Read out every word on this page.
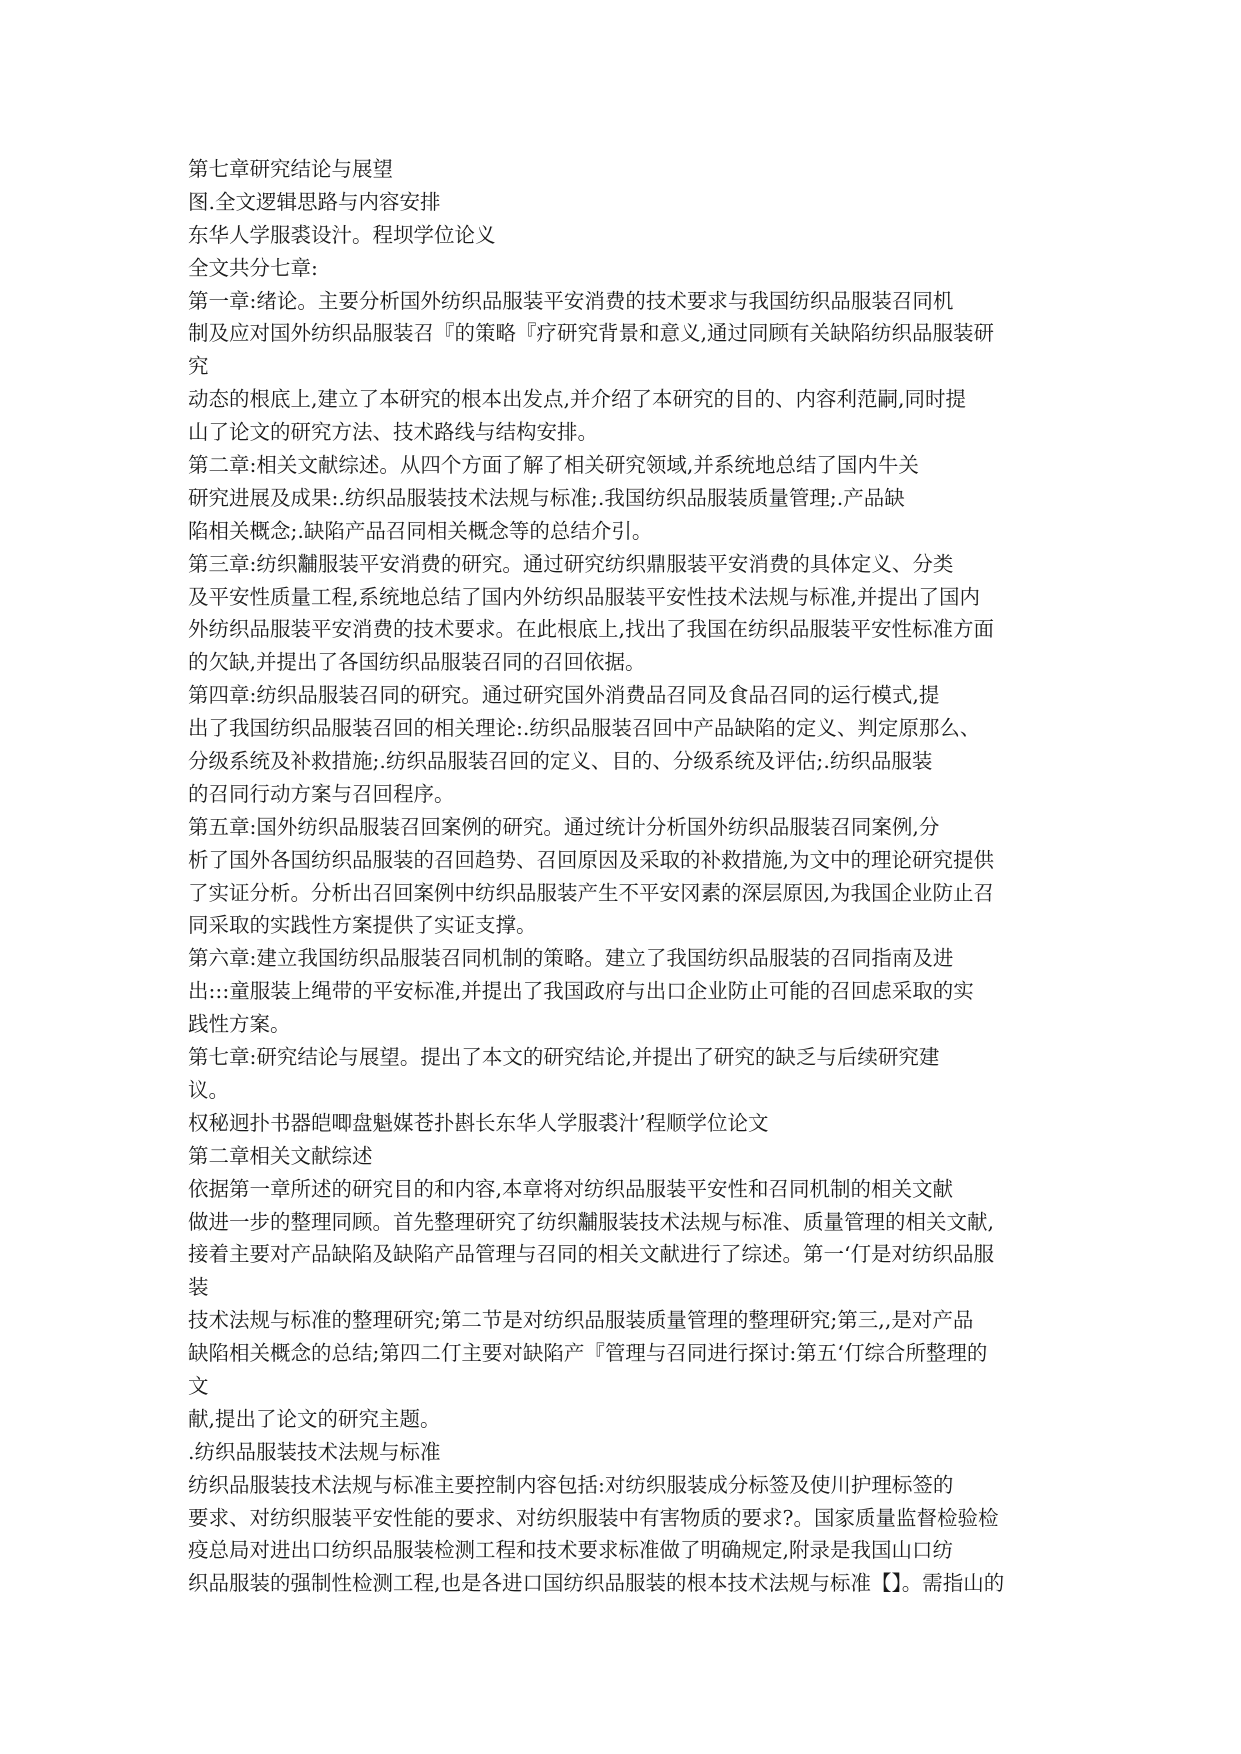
第七章研究结论与展望
图.全文逻辑思路与内容安排
东华人学服裘设汁。程坝学位论义
全文共分七章:
第一章:绪论。主要分析国外纺织品服装平安消费的技术要求与我国纺织品服装召同机
制及应对国外纺织品服装召『的策略『疗研究背景和意义,通过同顾有关缺陷纺织品服装研
究
动态的根底上,建立了本研究的根本出发点,并介绍了本研究的目的、内容利范嗣,同时提
山了论文的研究方法、技术路线与结构安排。
第二章:相关文献综述。从四个方面了解了相关研究领域,并系统地总结了国内牛关
研究进展及成果:.纺织品服装技术法规与标准;.我国纺织品服装质量管理;.产品缺
陷相关概念;.缺陷产品召同相关概念等的总结介引。
第三章:纺织黼服装平安消费的研究。通过研究纺织鼎服装平安消费的具体定义、分类
及平安性质量工程,系统地总结了国内外纺织品服装平安性技术法规与标准,并提出了国内
外纺织品服装平安消费的技术要求。在此根底上,找出了我国在纺织品服装平安性标准方面
的欠缺,并提出了各国纺织品服装召同的召回依据。
第四章:纺织品服装召同的研究。通过研究国外消费品召同及食品召同的运行模式,提
出了我国纺织品服装召回的相关理论:.纺织品服装召回中产品缺陷的定义、判定原那么、
分级系统及补救措施;.纺织品服装召回的定义、目的、分级系统及评估;.纺织品服装
的召同行动方案与召回程序。
第五章:国外纺织品服装召回案例的研究。通过统计分析国外纺织品服装召同案例,分
析了国外各国纺织品服装的召回趋势、召回原因及采取的补救措施,为文中的理论研究提供
了实证分析。分析出召回案例中纺织品服装产生不平安冈素的深层原因,为我国企业防止召
同采取的实践性方案提供了实证支撑。
第六章:建立我国纺织品服装召同机制的策略。建立了我国纺织品服装的召同指南及进
出:::童服装上绳带的平安标准,并提出了我国政府与出口企业防止可能的召回虑采取的实
践性方案。
第七章:研究结论与展望。提出了本文的研究结论,并提出了研究的缺乏与后续研究建
议。
权秘迥扑书器皑唧盘魁媒苍扑斟长东华人学服裘汁’程顺学位论文
第二章相关文献综述
依据第一章所述的研究目的和内容,本章将对纺织品服装平安性和召同机制的相关文献
做进一步的整理同顾。首先整理研究了纺织黼服装技术法规与标准、质量管理的相关文献,
接着主要对产品缺陷及缺陷产品管理与召同的相关文献进行了综述。第一‘仃是对纺织品服
装
技术法规与标准的整理研究;第二节是对纺织品服装质量管理的整理研究;第三,,是对产品
缺陷相关概念的总结;第四二仃主要对缺陷产『管理与召同进行探讨:第五‘仃综合所整理的
文
献,提出了论文的研究主题。
.纺织品服装技术法规与标准
纺织品服装技术法规与标准主要控制内容包括:对纺织服装成分标签及使川护理标签的
要求、对纺织服装平安性能的要求、对纺织服装中有害物质的要求?。国家质量监督检验检
疫总局对进出口纺织品服装检测工程和技术要求标准做了明确规定,附录是我国山口纺
织品服装的强制性检测工程,也是各进口国纺织品服装的根本技术法规与标准【】。需指山的
